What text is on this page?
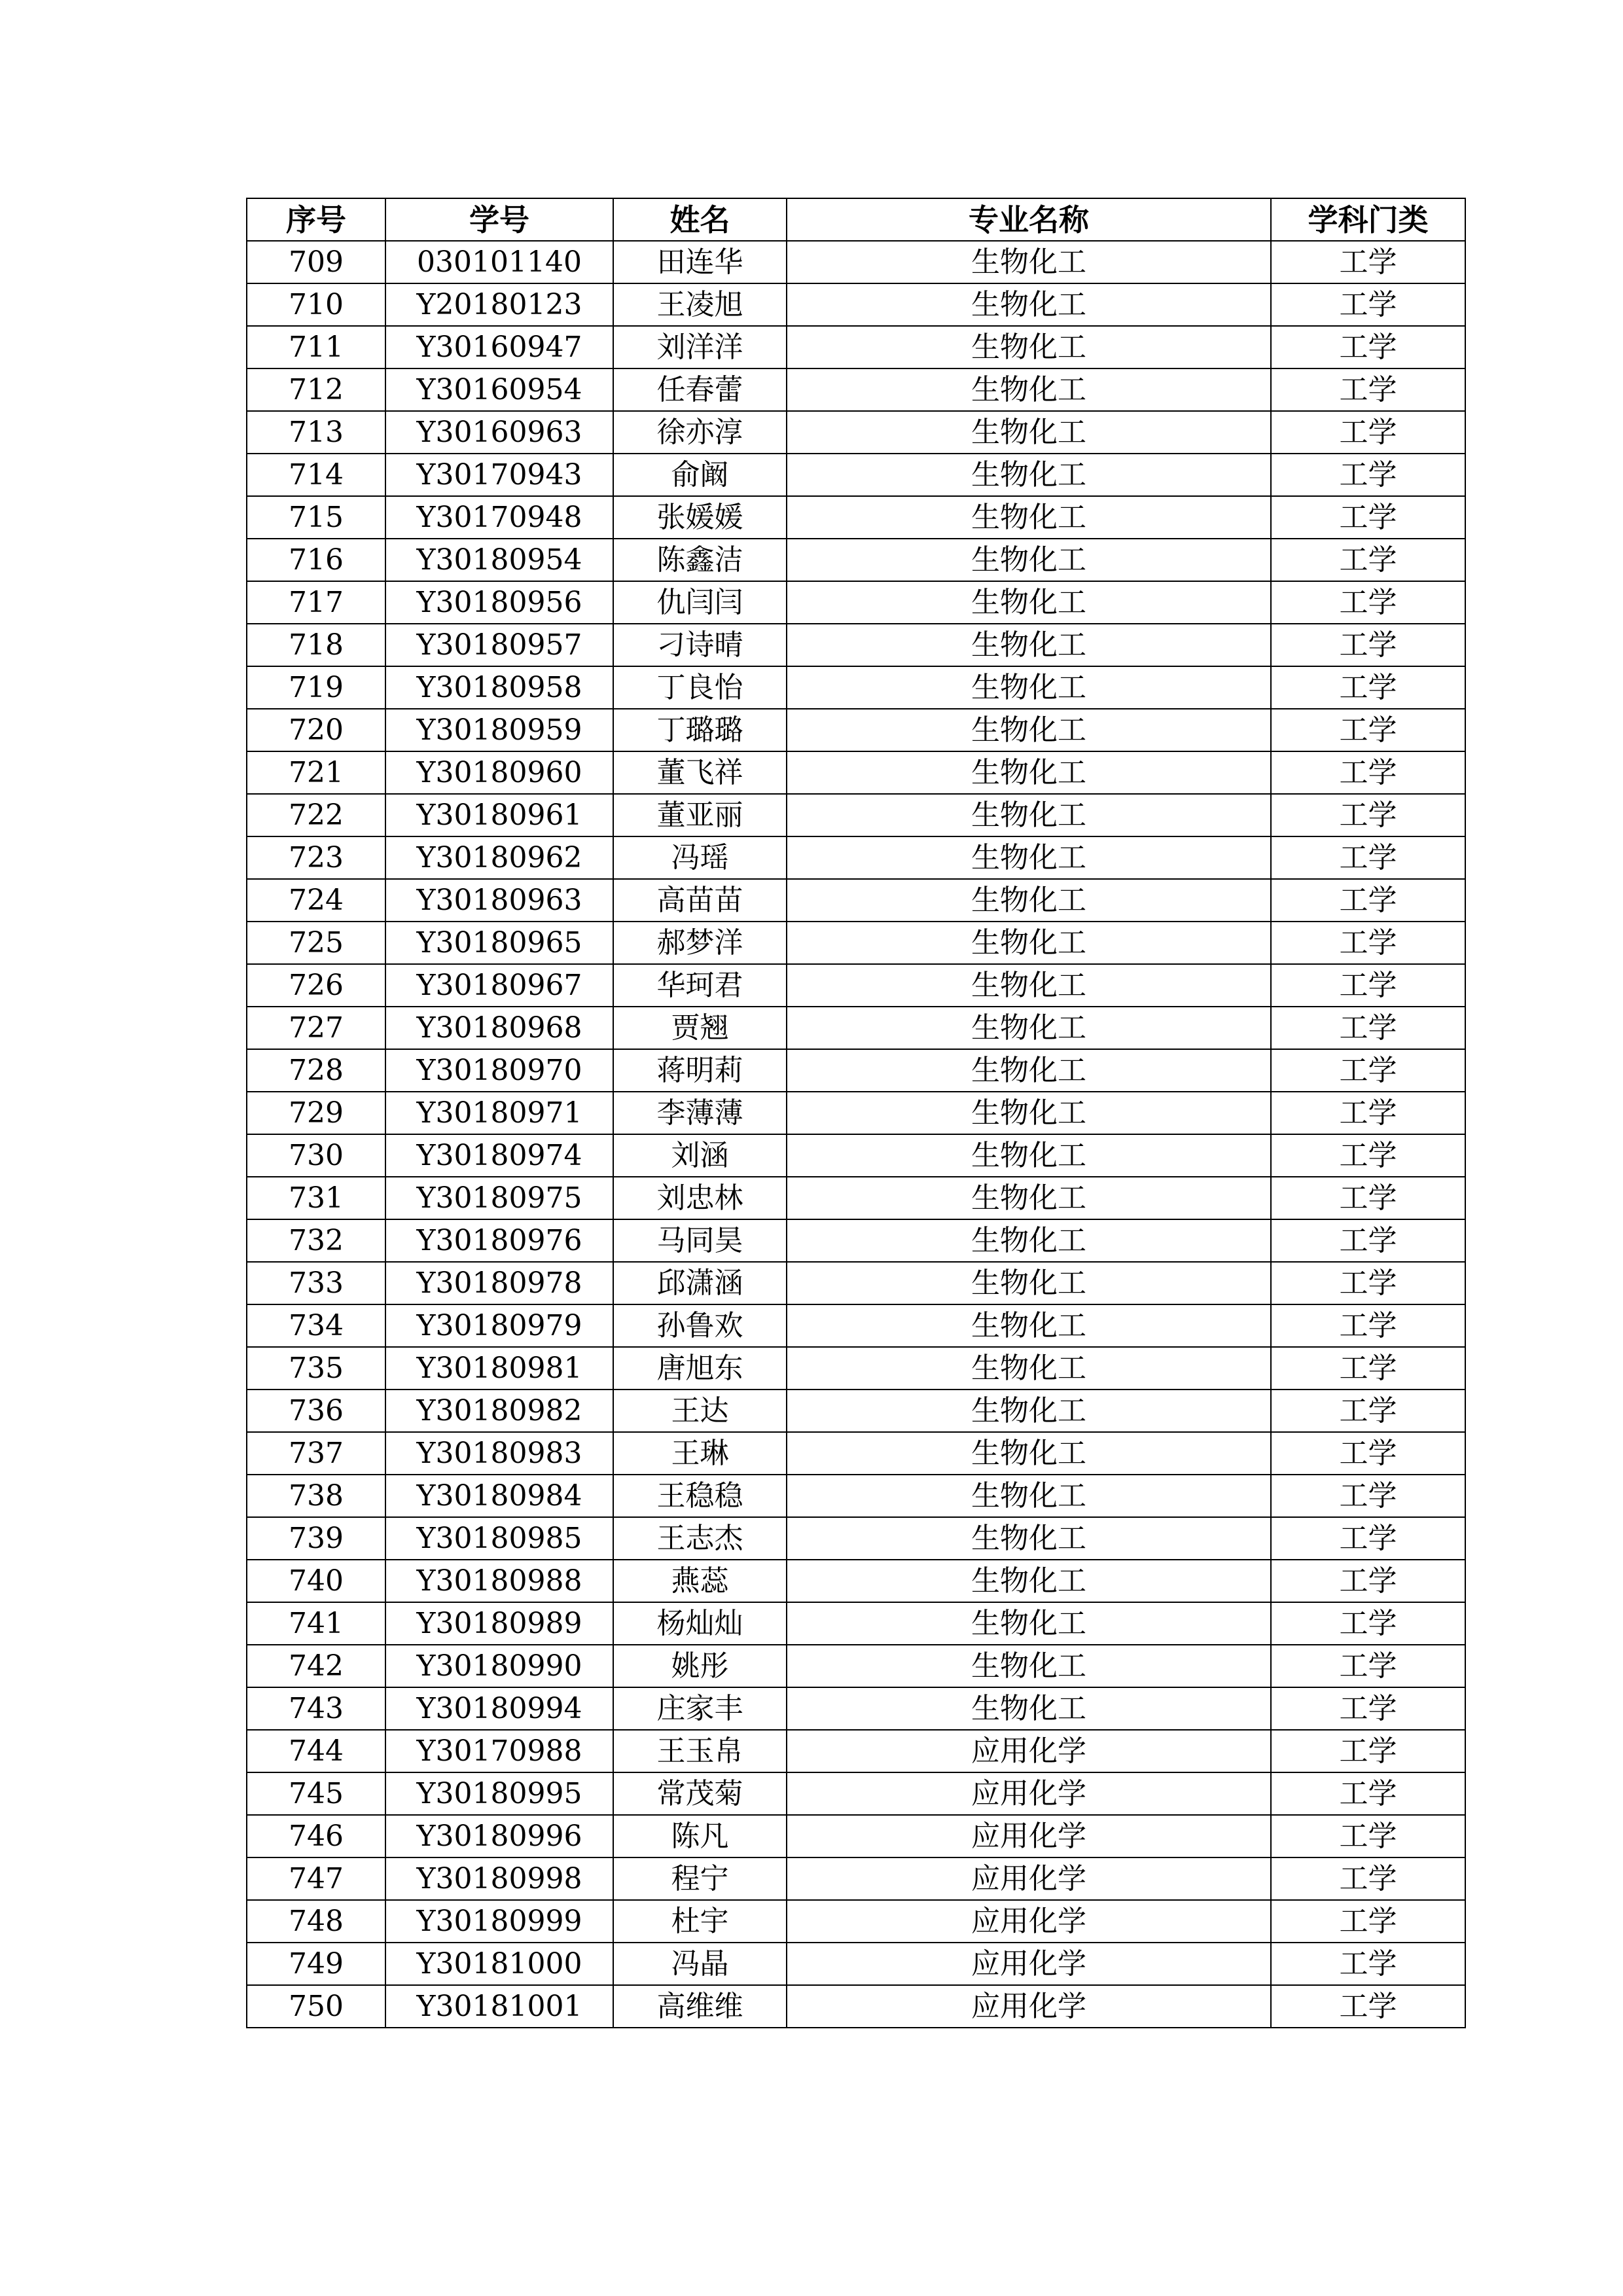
序号	学号	姓名	专业名称	学科门类
709	030101140	田连华	生物化工	工学
710	Y20180123	王凌旭	生物化工	工学
711	Y30160947	刘洋洋	生物化工	工学
712	Y30160954	任春蕾	生物化工	工学
713	Y30160963	徐亦淳	生物化工	工学
714	Y30170943	俞阚	生物化工	工学
715	Y30170948	张媛媛	生物化工	工学
716	Y30180954	陈鑫洁	生物化工	工学
717	Y30180956	仇闫闫	生物化工	工学
718	Y30180957	刁诗晴	生物化工	工学
719	Y30180958	丁良怡	生物化工	工学
720	Y30180959	丁璐璐	生物化工	工学
721	Y30180960	董飞祥	生物化工	工学
722	Y30180961	董亚丽	生物化工	工学
723	Y30180962	冯瑶	生物化工	工学
724	Y30180963	高苗苗	生物化工	工学
725	Y30180965	郝梦洋	生物化工	工学
726	Y30180967	华珂君	生物化工	工学
727	Y30180968	贾翘	生物化工	工学
728	Y30180970	蒋明莉	生物化工	工学
729	Y30180971	李薄薄	生物化工	工学
730	Y30180974	刘涵	生物化工	工学
731	Y30180975	刘忠林	生物化工	工学
732	Y30180976	马同昊	生物化工	工学
733	Y30180978	邱潇涵	生物化工	工学
734	Y30180979	孙鲁欢	生物化工	工学
735	Y30180981	唐旭东	生物化工	工学
736	Y30180982	王达	生物化工	工学
737	Y30180983	王琳	生物化工	工学
738	Y30180984	王稳稳	生物化工	工学
739	Y30180985	王志杰	生物化工	工学
740	Y30180988	燕蕊	生物化工	工学
741	Y30180989	杨灿灿	生物化工	工学
742	Y30180990	姚彤	生物化工	工学
743	Y30180994	庄家丰	生物化工	工学
744	Y30170988	王玉帛	应用化学	工学
745	Y30180995	常茂菊	应用化学	工学
746	Y30180996	陈凡	应用化学	工学
747	Y30180998	程宁	应用化学	工学
748	Y30180999	杜宇	应用化学	工学
749	Y30181000	冯晶	应用化学	工学
750	Y30181001	高维维	应用化学	工学
